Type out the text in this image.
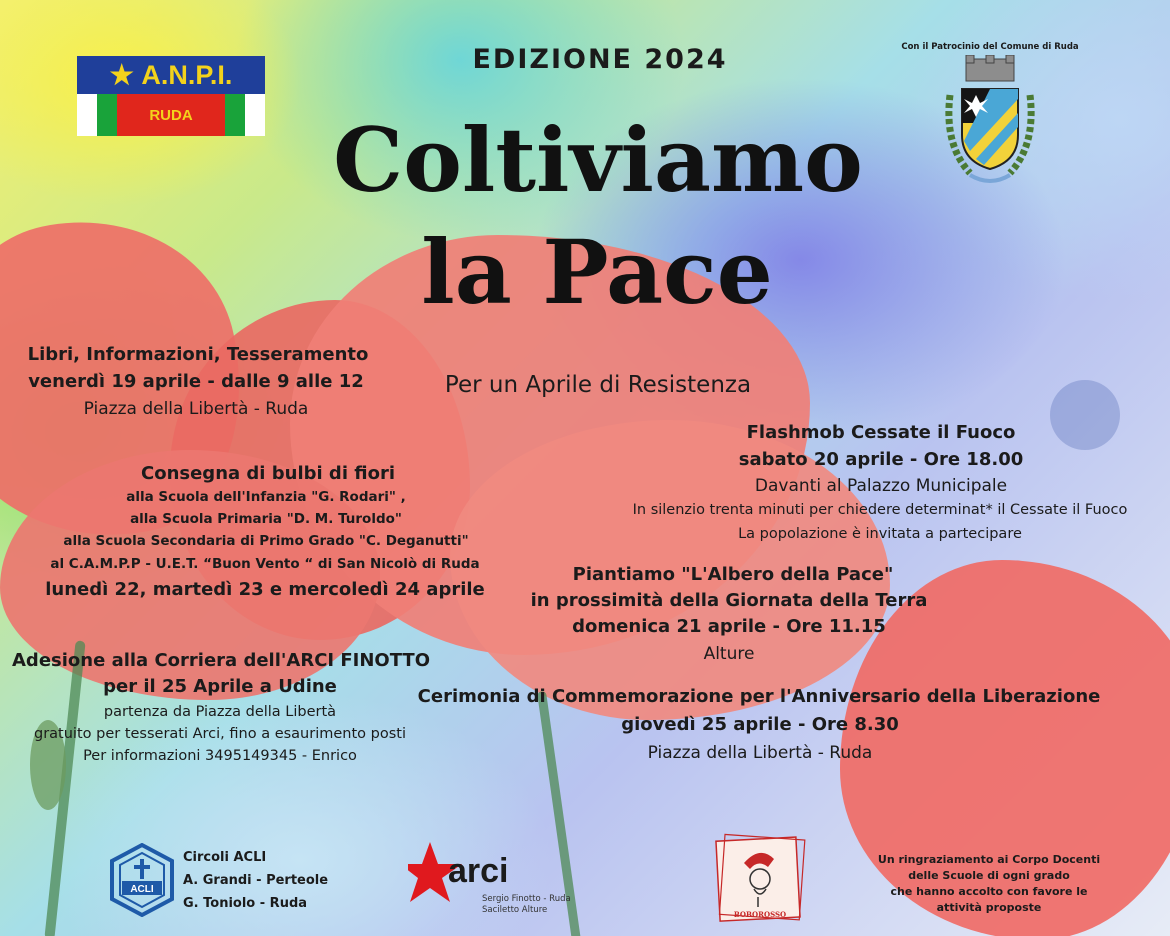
★
A.N.P.I.
RUDA
EDIZIONE 2024
Coltiviamo
la Pace
Per un Aprile di Resistenza
Con il Patrocinio del Comune di Ruda
Libri, Informazioni, Tesseramento
venerdì 19 aprile - dalle 9 alle 12
Piazza della Libertà - Ruda
Consegna di bulbi di fiori
alla Scuola dell'Infanzia "G. Rodari" ,
alla Scuola Primaria "D. M. Turoldo"
alla Scuola Secondaria di Primo Grado "C. Deganutti"
al C.A.M.P.P - U.E.T. “Buon Vento “ di San Nicolò di Ruda
lunedì 22, martedì 23 e mercoledì 24 aprile
Adesione alla Corriera dell'ARCI FINOTTO
per il 25 Aprile a Udine
partenza da Piazza della Libertà
gratuito per tesserati Arci, fino a esaurimento posti
Per informazioni 3495149345 - Enrico
Flashmob Cessate il Fuoco
sabato 20 aprile - Ore 18.00
Davanti al Palazzo Municipale
In silenzio trenta minuti per chiedere determinat* il Cessate il Fuoco
La popolazione è invitata a partecipare
Piantiamo "L'Albero della Pace"
in prossimità della Giornata della Terra
domenica 21 aprile - Ore 11.15
Alture
Cerimonia di Commemorazione per l'Anniversario della Liberazione
giovedì 25 aprile - Ore 8.30
Piazza della Libertà - Ruda
ACLI
Circoli ACLI
A. Grandi - Perteole
G. Toniolo - Ruda
arci
Sergio Finotto - Ruda
Saciletto Alture	BOBOROSSO
Un ringraziamento ai Corpo Docenti
delle Scuole di ogni grado
che hanno accolto con favore le
attività proposte
